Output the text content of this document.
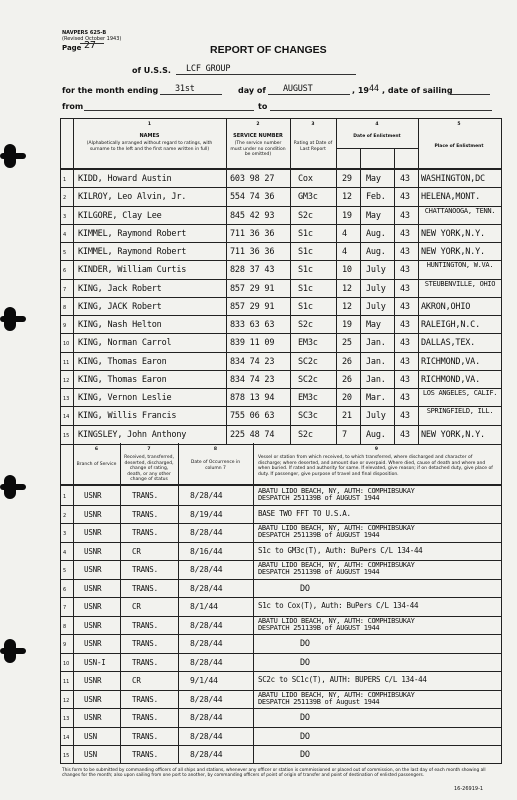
NAVPERS 625-B
(Revised October 1943)
Page 27	REPORT OF CHANGES
of U.S.S. LCF GROUP
for the month ending 31st	day of AUGUST	, 19 44 , date of sailing
from	to
1
NAMES
(Alphabetically arranged without regard to ratings, with surname to the left and the first name written in full)
2
SERVICE NUMBER
(The service number must under no condition be omitted)
3
Rating at Date of Last Report
4
Date of Enlistment
5
Place of Enlistment
1 KIDD, Howard Austin	603 98 27	Cox	29 May 43 WASHINGTON,DC
2 KILROY, Leo Alvin, Jr.	554 74 36	GM3c	12 Feb. 43 HELENA,MONT.
3 KILGORE, Clay Lee	845 42 93	S2c	19 May 43	CHATTANOOGA, TENN.
4 KIMMEL, Raymond Robert	711 36 36	S1c	4 Aug. 43 NEW YORK,N.Y.
5 KIMMEL, Raymond Robert	711 36 36	S1c	4 Aug. 43 NEW YORK,N.Y.
6 KINDER, William Curtis	828 37 43	S1c	10 July 43	HUNTINGTON, W.VA.
7 KING, Jack Robert	857 29 91	S1c	12 July 43	STEUBENVILLE, OHIO
8 KING, JACK Robert	857 29 91	S1c	12 July 43 AKRON,OHIO
9 KING, Nash Helton	833 63 63	S2c	19 May 43 RALEIGH,N.C.
10 KING, Norman Carrol	839 11 09	EM3c	25 Jan. 43 DALLAS,TEX.
11 KING, Thomas Earon	834 74 23	SC2c	26 Jan. 43 RICHMOND,VA.
12 KING, Thomas Earon	834 74 23	SC2c	26 Jan. 43 RICHMOND,VA.
13 KING, Vernon Leslie	878 13 94	EM3c	20 Mar. 43 LOS ANGELES, CALIF.
14 KING, Willis Francis	755 06 63	SC3c	21 July 43	SPRINGFIELD, ILL.
15 KINGSLEY, John Anthony	225 48 74	S2c	7 Aug. 43 NEW YORK,N.Y.
6
Branch of Service
7
Received, transferred, deserted, discharged, change of rating, death, or any other change of status
8
Date of Occurrence in column 7
9
Vessel or station from which received, to which transferred, where discharged and character of discharge; where deserted, and amount due or overpaid. Where died, cause of death and where and when buried. If rated and authority for same. If elevated, give reason; if on detached duty, give place of duty. If passenger, give purpose of travel and final disposition.
1 USNR	TRANS.	8/28/44	ABATU LIDO BEACH, NY, AUTH: COMPHIBSUKAY
DESPATCH 251139B of AUGUST 1944
2 USNR	TRANS.	8/19/44	BASE TWO FFT TO U.S.A.
3 USNR	TRANS.	8/28/44	ABATU LIDO BEACH, NY, AUTH: COMPHIBSUKAY
DESPATCH 251139B of AUGUST 1944
4 USNR	CR	8/16/44	S1c to GM3c(T), Auth: BuPers C/L 134-44
5 USNR	TRANS.	8/28/44	ABATU LIDO BEACH, NY, AUTH: COMPHIBSUKAY
DESPATCH 251139B of AUGUST 1944
6 USNR	TRANS.	8/28/44	DO
7 USNR	CR	8/1/44	S1c to Cox(T), Auth: BuPers C/L 134-44
8 USNR	TRANS.	8/28/44	ABATU LIDO BEACH, NY, AUTH: COMPHIBSUKAY
DESPATCH 251139B of AUGUST 1944
9 USNR	TRANS.	8/28/44	DO
10 USN-I	TRANS.	8/28/44	DO
11 USNR	CR	9/1/44	SC2c to SC1c(T), AUTH: BUPERS C/L 134-44
12 USNR	TRANS.	8/28/44	ABATU LIDO BEACH, NY, AUTH: COMPHIBSUKAY
DESPATCH 251139B of August 1944
13 USNR	TRANS.	8/28/44	DO
14 USN	TRANS.	8/28/44	DO
15 USN	TRANS.	8/28/44	DO
This form to be submitted by commanding officers of all ships and stations, whenever any officer or station is commissioned or placed out of commission, on the last day of each month showing all changes for the month; also upon sailing from one port to another, by commanding officers of point of origin of transfer and point of destination of enlisted passengers.
16-26919-1
